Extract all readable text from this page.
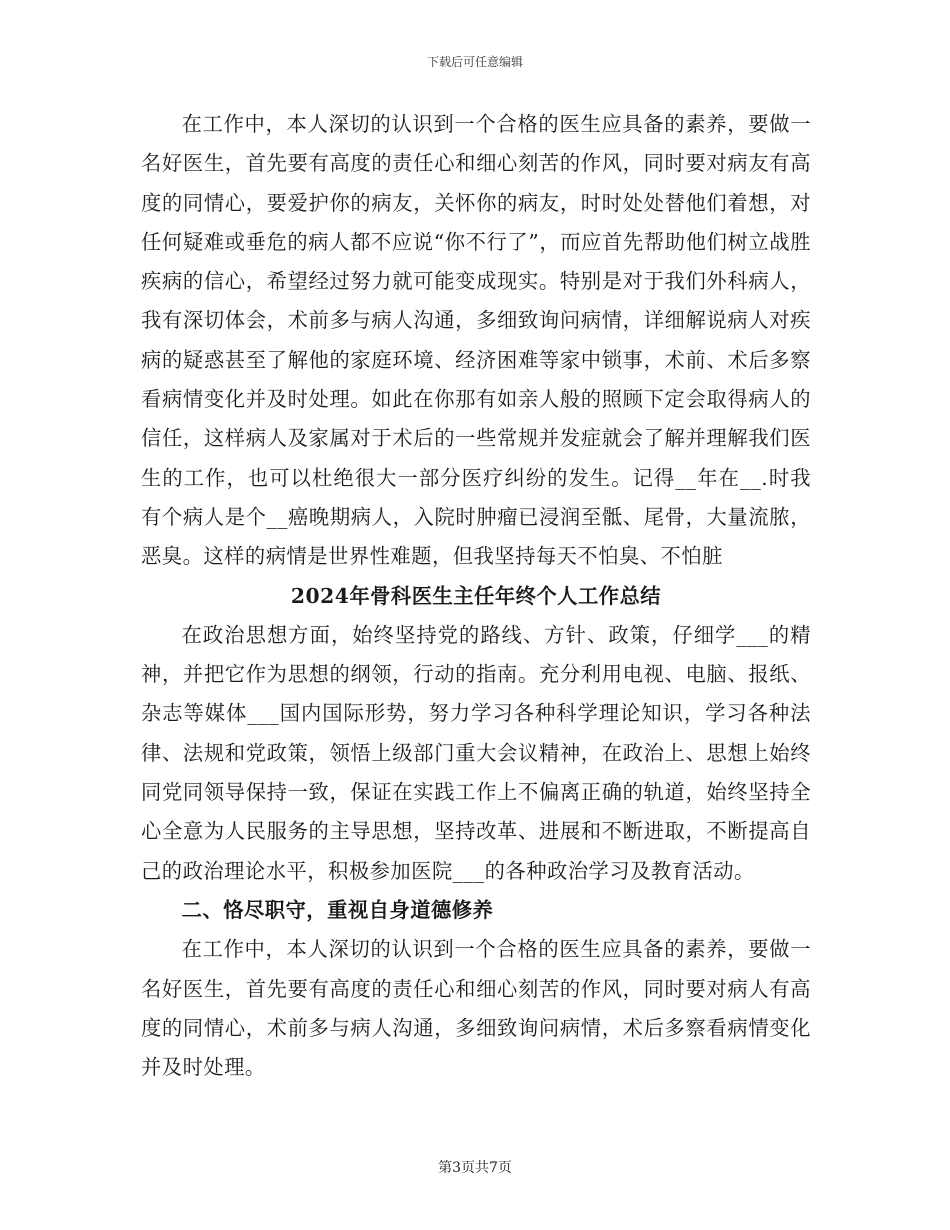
下载后可任意编辑

在工作中，本人深切的认识到一个合格的医生应具备的素养，要做一名好医生，首先要有高度的责任心和细心刻苦的作风，同时要对病友有高度的同情心，要爱护你的病友，关怀你的病友，时时处处替他们着想，对任何疑难或垂危的病人都不应说“你不行了”，而应首先帮助他们树立战胜疾病的信心，希望经过努力就可能变成现实。特别是对于我们外科病人，我有深切体会，术前多与病人沟通，多细致询问病情，详细解说病人对疾病的疑惑甚至了解他的家庭环境、经济困难等家中锁事，术前、术后多察看病情变化并及时处理。如此在你那有如亲人般的照顾下定会取得病人的信任，这样病人及家属对于术后的一些常规并发症就会了解并理解我们医生的工作，也可以杜绝很大一部分医疗纠纷的发生。记得__年在__.时我有个病人是个__癌晚期病人，入院时肿瘤已浸润至骶、尾骨，大量流脓，恶臭。这样的病情是世界性难题，但我坚持每天不怕臭、不怕脏

2024年骨科医生主任年终个人工作总结

在政治思想方面，始终坚持党的路线、方针、政策，仔细学___的精神，并把它作为思想的纲领，行动的指南。充分利用电视、电脑、报纸、杂志等媒体___国内国际形势，努力学习各种科学理论知识，学习各种法律、法规和党政策，领悟上级部门重大会议精神，在政治上、思想上始终同党同领导保持一致，保证在实践工作上不偏离正确的轨道，始终坚持全心全意为人民服务的主导思想，坚持改革、进展和不断进取，不断提高自己的政治理论水平，积极参加医院___的各种政治学习及教育活动。

二、恪尽职守，重视自身道德修养

在工作中，本人深切的认识到一个合格的医生应具备的素养，要做一名好医生，首先要有高度的责任心和细心刻苦的作风，同时要对病人有高度的同情心，术前多与病人沟通，多细致询问病情，术后多察看病情变化并及时处理。

第3页共7页
